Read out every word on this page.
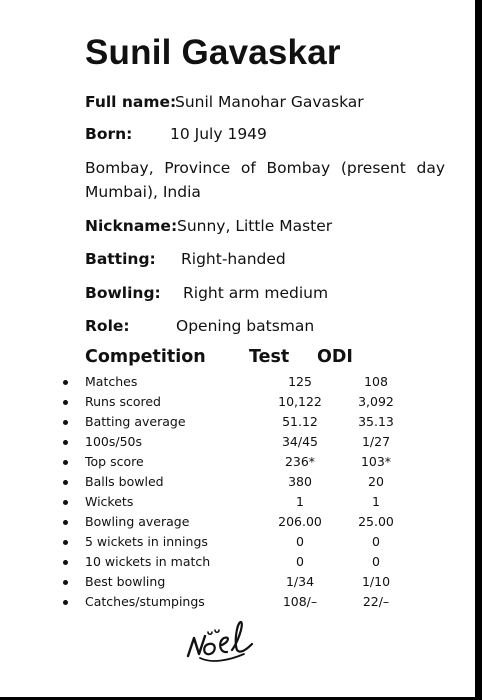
Sunil Gavaskar
Full name:
Sunil Manohar Gavaskar
Born: 10 July 1949
Bombay, Province of Bombay (present day Mumbai), India
Nickname: Sunny, Little Master
Batting: Right-handed
Bowling: Right arm medium
Role:	Opening batsman
Competition Test ODI
Matches	125	108
Runs scored	10,122	3,092
Batting average	51.12	35.13
100s/50s	34/45	1/27
Top score	236*	103*
Balls bowled	380	20
Wickets	1	1
Bowling average	206.00	25.00
5 wickets in innings	0	0
10 wickets in match	0	0
Best bowling	1/34	1/10
Catches/stumpings	108/–	22/–
